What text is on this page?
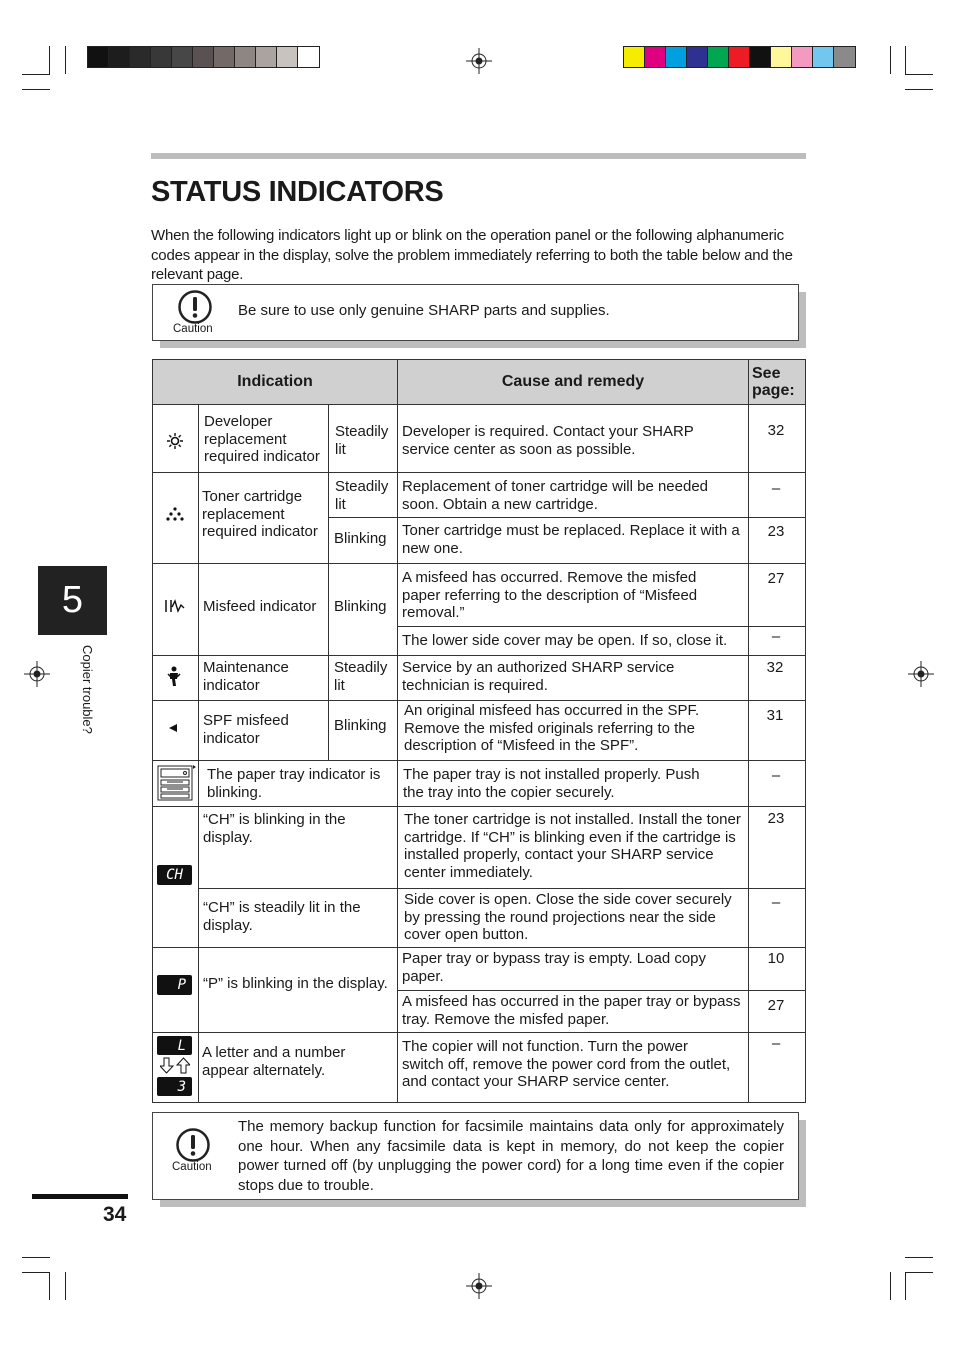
STATUS INDICATORS
When the following indicators light up or blink on the operation panel or the following alphanumeric codes appear in the display, solve the problem immediately referring to both the table below and the relevant page.
Caution
Be sure to use only genuine SHARP parts and supplies.
Indication	Cause and remedy	See page:
CH
P
L
3
Developer replacement required indicator
Toner cartridge replacement required indicator
Misfeed indicator
Maintenance indicator
SPF misfeed indicator
The paper tray indicator is blinking.
“CH” is blinking in the display.
“CH” is steadily lit in the display.
“P” is blinking in the display.
A letter and a number appear alternately.
Steadily lit
Steadily lit
Blinking
Blinking
Steadily lit
Blinking
Developer is required. Contact your SHARP service center as soon as possible.
Replacement of toner cartridge will be needed soon. Obtain a new cartridge.
Toner cartridge must be replaced. Replace it with a new one.
A misfeed has occurred. Remove the misfed paper referring to the description of “Misfeed removal.”
The lower side cover may be open. If so, close it.
Service by an authorized SHARP service technician is required.
An original misfeed has occurred in the SPF. Remove the misfed originals referring to the description of “Misfeed in the SPF”.
The paper tray is not installed properly. Push the tray into the copier securely.
The toner cartridge is not installed. Install the toner cartridge. If “CH” is blinking even if the cartridge is installed properly, contact your SHARP service center immediately.
Side cover is open. Close the side cover securely by pressing the round projections near the side cover open button.
Paper tray or bypass tray is empty. Load copy paper.
A misfeed has occurred in the paper tray or bypass tray. Remove the misfed paper.
The copier will not function. Turn the power switch off, remove the power cord from the outlet, and contact your SHARP service center.
32
–
23
27
–
32
31
–
23
–
10
27
–
Caution
The memory backup function for facsimile maintains data only for approximately one hour. When any facsimile data is kept in memory, do not keep the copier power turned off (by unplugging the power cord) for a long time even if the copier stops due to trouble.
5
Copier trouble?
34
